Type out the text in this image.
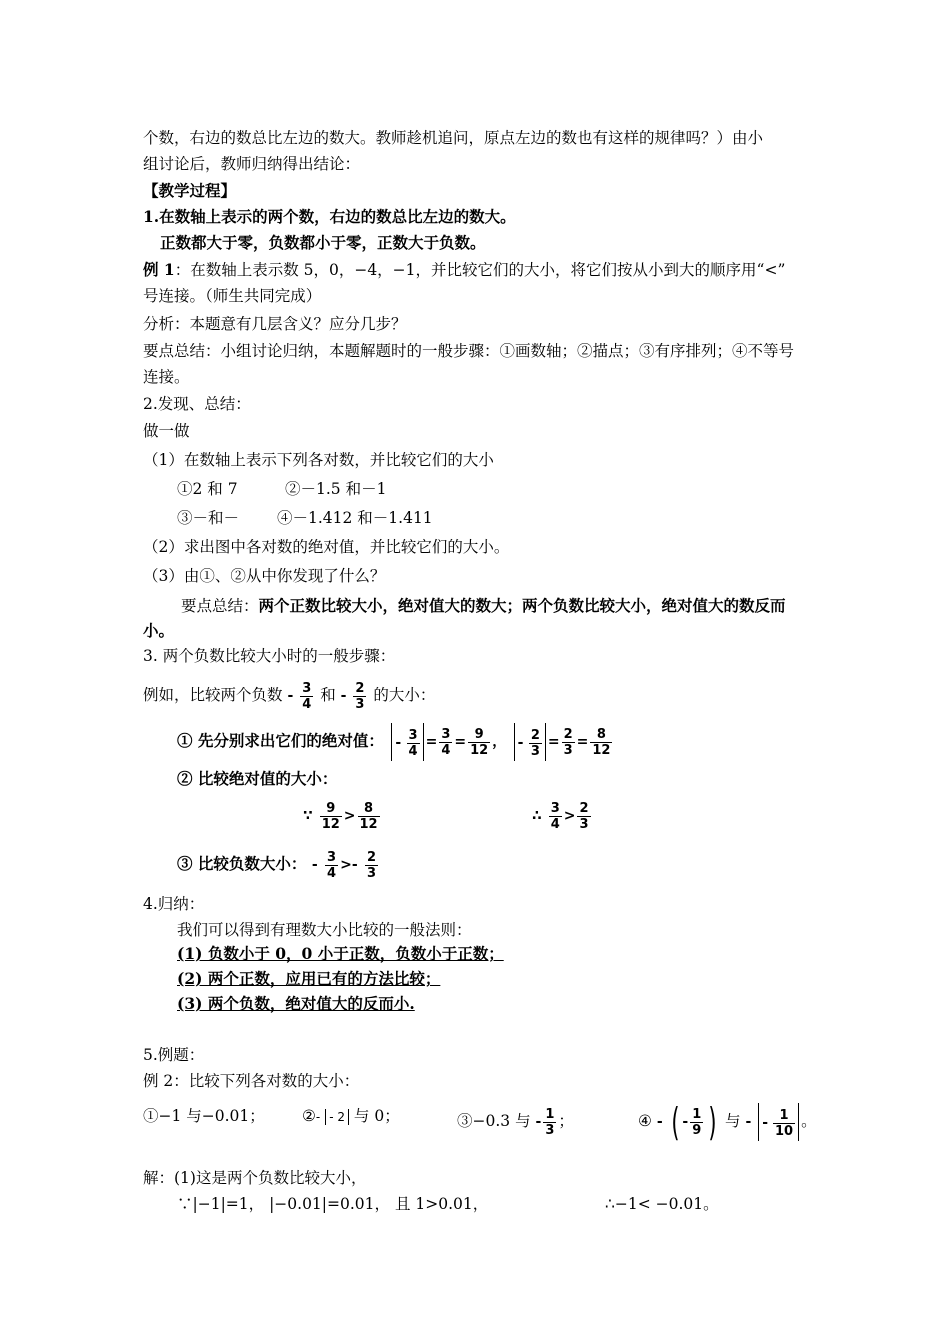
个数，右边的数总比左边的数大。教师趁机追问，原点左边的数也有这样的规律吗？）由小
组讨论后，教师归纳得出结论：
【教学过程】
1.在数轴上表示的两个数，右边的数总比左边的数大。
正数都大于零，负数都小于零，正数大于负数。
例 1：在数轴上表示数 5，0，−4，−1，并比较它们的大小，将它们按从小到大的顺序用“<”
号连接。（师生共同完成）
分析：本题意有几层含义？应分几步？
要点总结：小组讨论归纳，本题解题时的一般步骤：①画数轴；②描点；③有序排列；④不等号
连接。
2.发现、总结：
做一做
（1）在数轴上表示下列各对数，并比较它们的大小
①2 和 7	②－1.5 和－1
③－和－ ④－1.412 和－1.411
（2）求出图中各对数的绝对值，并比较它们的大小。
（3）由①、②从中你发现了什么？
要点总结：两个正数比较大小，绝对值大的数大；两个负数比较大小，绝对值大的数反而
小。
3. 两个负数比较大小时的一般步骤：
例如，比较两个负数 - $\frac{3}{4}$ 和 - $\frac{2}{3}$ 的大小：
① 先分别求出它们的绝对值： - $\frac{3}{4} = \frac{3}{4} = \frac{9}{12}$ ， - $\frac{2}{3} = \frac{2}{3} = \frac{8}{12}$
② 比较绝对值的大小：
∵ $\frac{9}{12} > \frac{8}{12}$	∴ $\frac{3}{4} > \frac{2}{3}$
③ 比较负数大小： - $\frac{3}{4} >- \frac{2}{3}$
4.归纳：
我们可以得到有理数大小比较的一般法则：
(1) 负数小于 0，0 小于正数，负数小于正数；
(2) 两个正数，应用已有的方法比较；
(3) 两个负数，绝对值大的反而小.
5.例题：
例 2：比较下列各对数的大小：
①−1 与−0.01； ②- - 2 与 0；	③−0.3 与 - $\frac{1}{3}$ ；	④ - ( - $\frac{1}{9}$ ) 与 - - $\frac{1}{10}$ 。
解：(1)这是两个负数比较大小，
∵|−1|=1， |−0.01|=0.01， 且 1>0.01，	∴−1< −0.01。
